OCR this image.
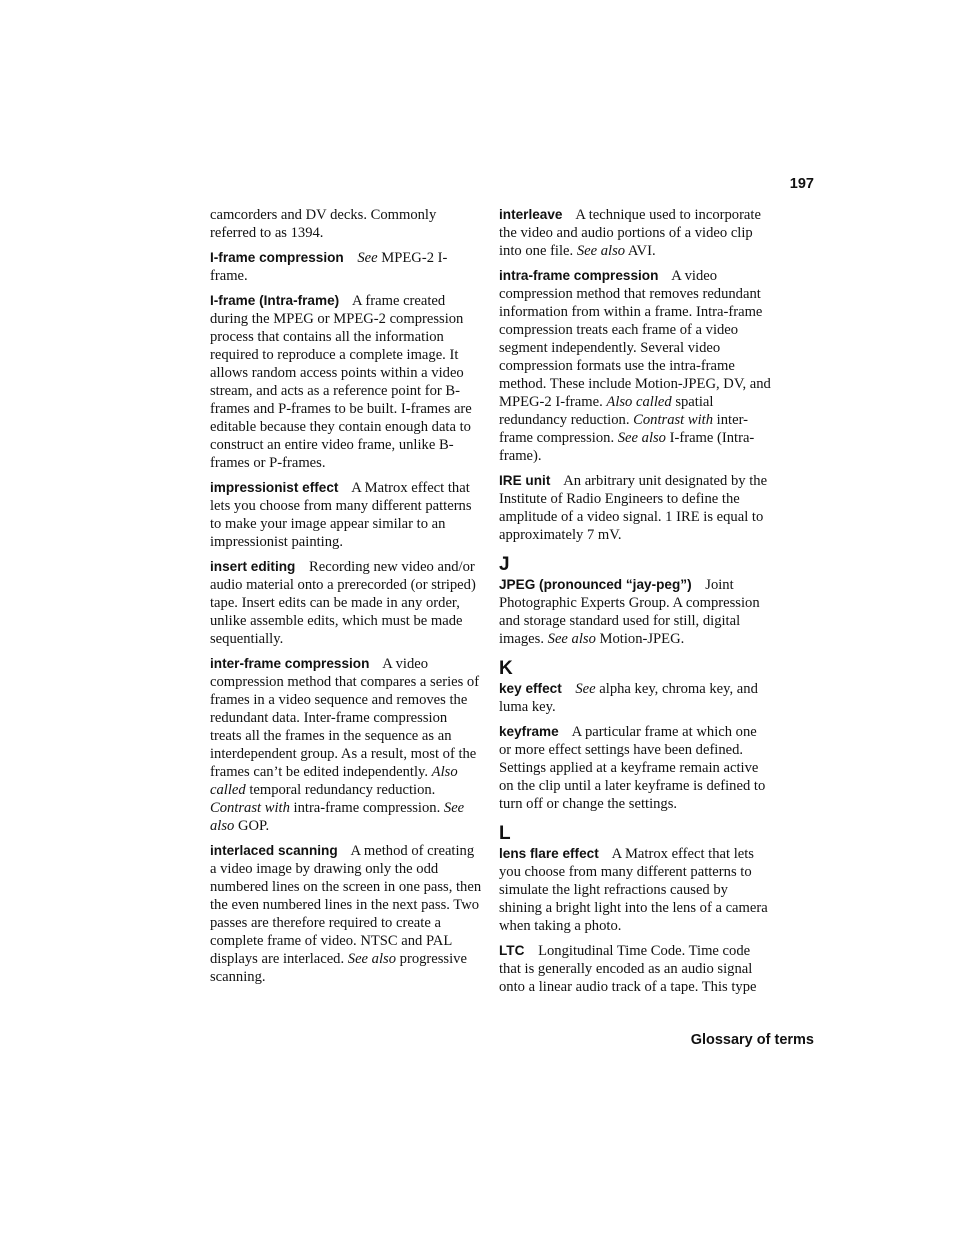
197

camcorders and DV decks. Commonly referred to as 1394.

I-frame compression See MPEG-2 I-frame.

I-frame (Intra-frame) A frame created during the MPEG or MPEG-2 compression process that contains all the information required to reproduce a complete image. It allows random access points within a video stream, and acts as a reference point for B-frames and P-frames to be built. I-frames are editable because they contain enough data to construct an entire video frame, unlike B-frames or P-frames.

impressionist effect A Matrox effect that lets you choose from many different patterns to make your image appear similar to an impressionist painting.

insert editing Recording new video and/or audio material onto a prerecorded (or striped) tape. Insert edits can be made in any order, unlike assemble edits, which must be made sequentially.

inter-frame compression A video compression method that compares a series of frames in a video sequence and removes the redundant data. Inter-frame compression treats all the frames in the sequence as an interdependent group. As a result, most of the frames can’t be edited independently. Also called temporal redundancy reduction. Contrast with intra-frame compression. See also GOP.

interlaced scanning A method of creating a video image by drawing only the odd numbered lines on the screen in one pass, then the even numbered lines in the next pass. Two passes are therefore required to create a complete frame of video. NTSC and PAL displays are interlaced. See also progressive scanning.

interleave A technique used to incorporate the video and audio portions of a video clip into one file. See also AVI.

intra-frame compression A video compression method that removes redundant information from within a frame. Intra-frame compression treats each frame of a video segment independently. Several video compression formats use the intra-frame method. These include Motion-JPEG, DV, and MPEG-2 I-frame. Also called spatial redundancy reduction. Contrast with inter-frame compression. See also I-frame (Intra-frame).

IRE unit An arbitrary unit designated by the Institute of Radio Engineers to define the amplitude of a video signal. 1 IRE is equal to approximately 7 mV.

J

JPEG (pronounced “jay-peg”) Joint Photographic Experts Group. A compression and storage standard used for still, digital images. See also Motion-JPEG.

K

key effect See alpha key, chroma key, and luma key.

keyframe A particular frame at which one or more effect settings have been defined. Settings applied at a keyframe remain active on the clip until a later keyframe is defined to turn off or change the settings.

L

lens flare effect A Matrox effect that lets you choose from many different patterns to simulate the light refractions caused by shining a bright light into the lens of a camera when taking a photo.

LTC Longitudinal Time Code. Time code that is generally encoded as an audio signal onto a linear audio track of a tape. This type

Glossary of terms
